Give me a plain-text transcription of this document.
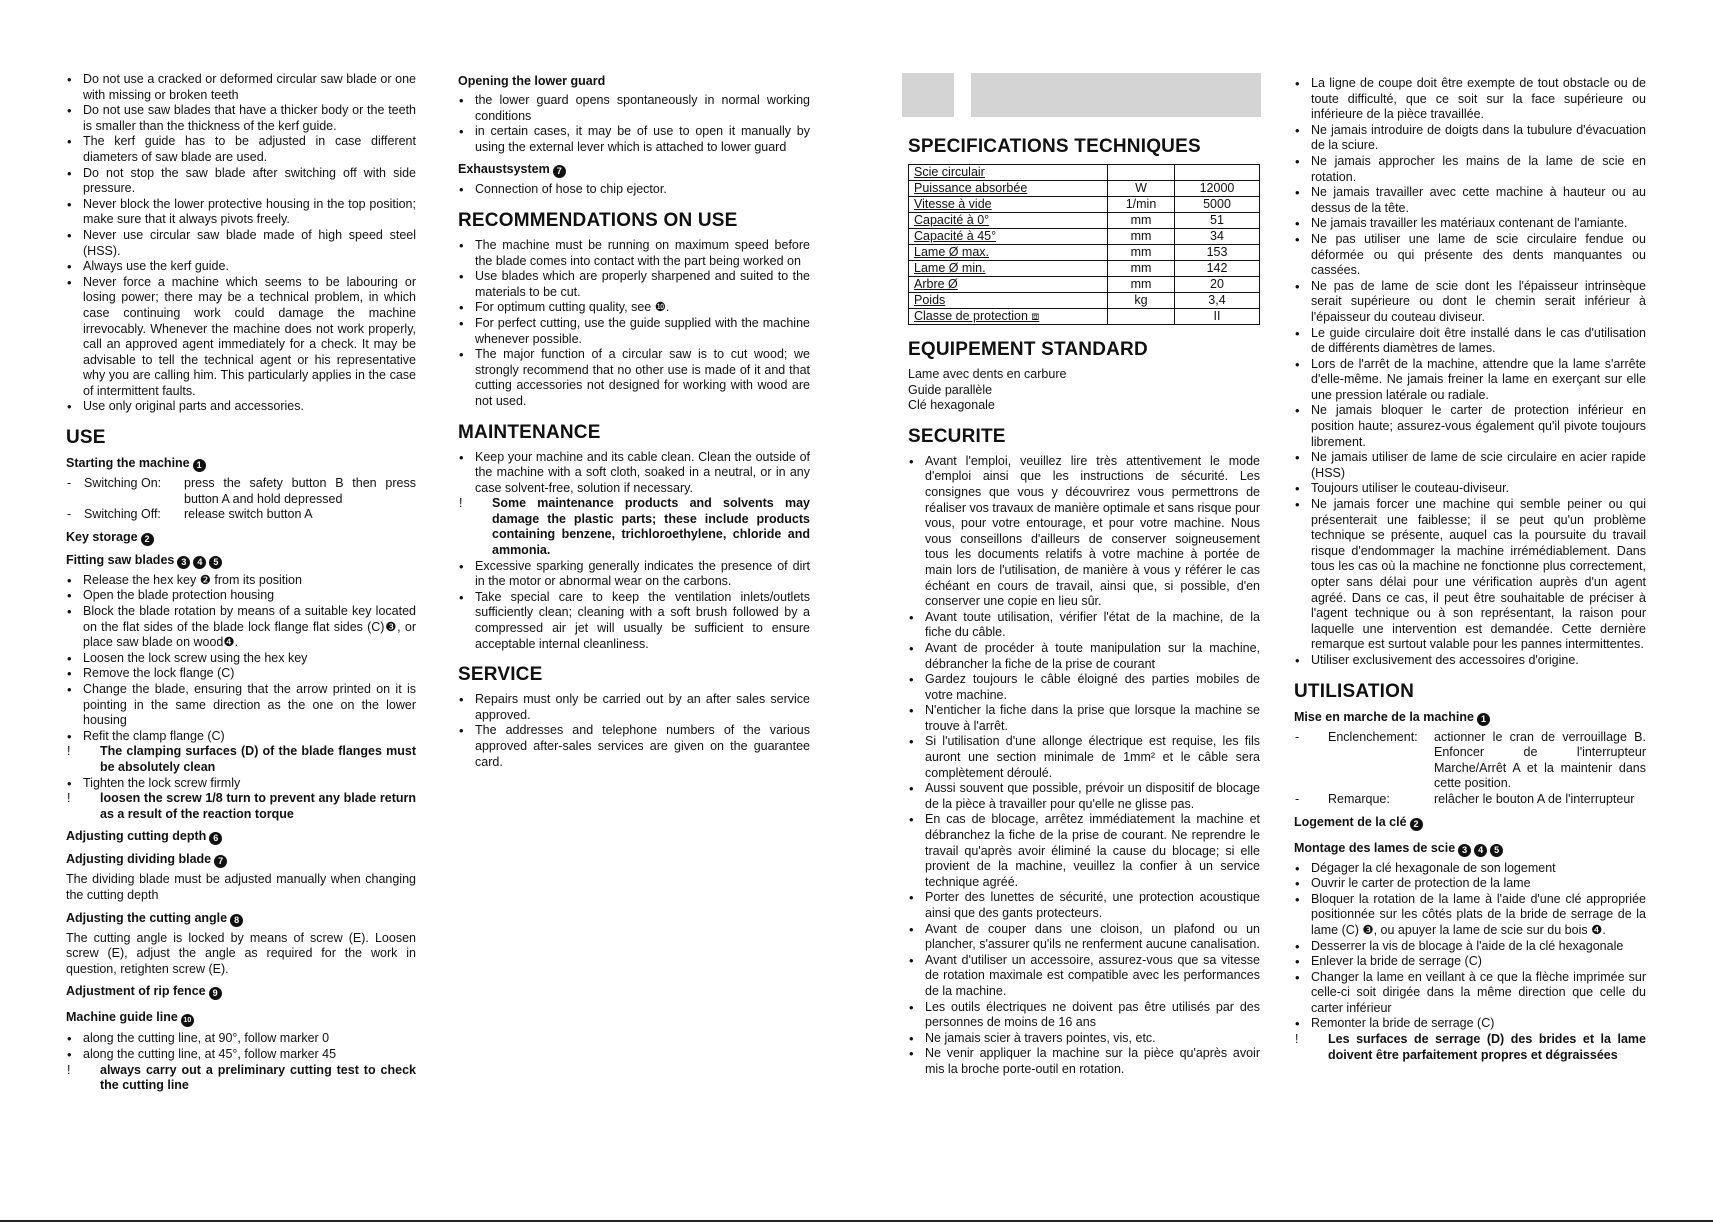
• Do not use a cracked or deformed circular saw blade or one with missing or broken teeth
• Do not use saw blades that have a thicker body or the teeth is smaller than the thickness of the kerf guide.
• The kerf guide has to be adjusted in case different diameters of saw blade are used.
• Do not stop the saw blade after switching off with side pressure.
• Never block the lower protective housing in the top position; make sure that it always pivots freely.
• Never use circular saw blade made of high speed steel (HSS).
• Always use the kerf guide.
• Never force a machine which seems to be labouring or losing power; there may be a technical problem, in which case continuing work could damage the machine irrevocably. Whenever the machine does not work properly, call an approved agent immediately for a check. It may be advisable to tell the technical agent or his representative why you are calling him. This particularly applies in the case of intermittent faults.
• Use only original parts and accessories.
USE
Starting the machine 1
- Switching On:	press the safety button B then press button A and hold depressed
- Switching Off:	release switch button A
Key storage 2
Fitting saw blades 3 4 5
• Release the hex key ❷ from its position
• Open the blade protection housing
• Block the blade rotation by means of a suitable key located on the flat sides of the blade lock flange flat sides (C)❸, or place saw blade on wood❹.
• Loosen the lock screw using the hex key
• Remove the lock flange (C)
• Change the blade, ensuring that the arrow printed on it is pointing in the same direction as the one on the lower housing
• Refit the clamp flange (C)
! The clamping surfaces (D) of the blade flanges must be absolutely clean
• Tighten the lock screw firmly
! loosen the screw 1/8 turn to prevent any blade return as a result of the reaction torque
Adjusting cutting depth 6
Adjusting dividing blade 7

The dividing blade must be adjusted manually when changing the cutting depth

Adjusting the cutting angle 8

The cutting angle is locked by means of screw (E). Loosen screw (E), adjust the angle as required for the work in question, retighten screw (E).

Adjustment of rip fence 9
Machine guide line 10
• along the cutting line, at 90°, follow marker 0
• along the cutting line, at 45°, follow marker 45
! always carry out a preliminary cutting test to check the cutting line
Opening the lower guard
• the lower guard opens spontaneously in normal working conditions
• in certain cases, it may be of use to open it manually by using the external lever which is attached to lower guard
Exhaustsystem 7
• Connection of hose to chip ejector.
RECOMMENDATIONS ON USE
• The machine must be running on maximum speed before the blade comes into contact with the part being worked on
• Use blades which are properly sharpened and suited to the materials to be cut.
• For optimum cutting quality, see ❿.
• For perfect cutting, use the guide supplied with the machine whenever possible.
• The major function of a circular saw is to cut wood; we strongly recommend that no other use is made of it and that cutting accessories not designed for working with wood are not used.
MAINTENANCE
• Keep your machine and its cable clean. Clean the outside of the machine with a soft cloth, soaked in a neutral, or in any case solvent-free, solution if necessary.
! Some maintenance products and solvents may damage the plastic parts; these include products containing benzene, trichloroethylene, chloride and ammonia.
• Excessive sparking generally indicates the presence of dirt in the motor or abnormal wear on the carbons.
• Take special care to keep the ventilation inlets/outlets sufficiently clean; cleaning with a soft brush followed by a compressed air jet will usually be sufficient to ensure acceptable internal cleanliness.
SERVICE
• Repairs must only be carried out by an after sales service approved.
• The addresses and telephone numbers of the various approved after-sales services are given on the guarantee card.
SPECIFICATIONS TECHNIQUES
Scie circulair		
Puissance absorbée	W	12000
Vitesse à vide	1/min	5000
Capacité à 0°	mm	51
Capacité à 45°	mm	34
Lame Ø max.	mm	153
Lame Ø min.	mm	142
Arbre Ø	mm	20
Poids	kg	3,4
Classe de protection ⧈		II
EQUIPEMENT STANDARD

Lame avec dents en carbure

Guide parallèle

Clé hexagonale

SECURITE
• Avant l'emploi, veuillez lire très attentivement le mode d'emploi ainsi que les instructions de sécurité. Les consignes que vous y découvrirez vous permettrons de réaliser vos travaux de manière optimale et sans risque pour vous, pour votre entourage, et pour votre machine. Nous vous conseillons d'ailleurs de conserver soigneusement tous les documents relatifs à votre machine à portée de main lors de l'utilisation, de manière à vous y référer le cas échéant en cours de travail, ainsi que, si possible, d'en conserver une copie en lieu sûr.
• Avant toute utilisation, vérifier l'état de la machine, de la fiche du câble.
• Avant de procéder à toute manipulation sur la machine, débrancher la fiche de la prise de courant
• Gardez toujours le câble éloigné des parties mobiles de votre machine.
• N'enticher la fiche dans la prise que lorsque la machine se trouve à l'arrêt.
• Si l'utilisation d'une allonge électrique est requise, les fils auront une section minimale de 1mm² et le câble sera complètement déroulé.
• Aussi souvent que possible, prévoir un dispositif de blocage de la pièce à travailler pour qu'elle ne glisse pas.
• En cas de blocage, arrêtez immédiatement la machine et débranchez la fiche de la prise de courant. Ne reprendre le travail qu'après avoir éliminé la cause du blocage; si elle provient de la machine, veuillez la confier à un service technique agréé.
• Porter des lunettes de sécurité, une protection acoustique ainsi que des gants protecteurs.
• Avant de couper dans une cloison, un plafond ou un plancher, s'assurer qu'ils ne renferment aucune canalisation.
• Avant d'utiliser un accessoire, assurez-vous que sa vitesse de rotation maximale est compatible avec les performances de la machine.
• Les outils électriques ne doivent pas être utilisés par des personnes de moins de 16 ans
• Ne jamais scier à travers pointes, vis, etc.
• Ne venir appliquer la machine sur la pièce qu'après avoir mis la broche porte-outil en rotation.
• La ligne de coupe doit être exempte de tout obstacle ou de toute difficulté, que ce soit sur la face supérieure ou inférieure de la pièce travaillée.
• Ne jamais introduire de doigts dans la tubulure d'évacuation de la sciure.
• Ne jamais approcher les mains de la lame de scie en rotation.
• Ne jamais travailler avec cette machine à hauteur ou au dessus de la tête.
• Ne jamais travailler les matériaux contenant de l'amiante.
• Ne pas utiliser une lame de scie circulaire fendue ou déformée ou qui présente des dents manquantes ou cassées.
• Ne pas de lame de scie dont les l'épaisseur intrinsèque serait supérieure ou dont le chemin serait inférieur à l'épaisseur du couteau diviseur.
• Le guide circulaire doit être installé dans le cas d'utilisation de différents diamètres de lames.
• Lors de l'arrêt de la machine, attendre que la lame s'arrête d'elle-même. Ne jamais freiner la lame en exerçant sur elle une pression latérale ou radiale.
• Ne jamais bloquer le carter de protection inférieur en position haute; assurez-vous également qu'il pivote toujours librement.
• Ne jamais utiliser de lame de scie circulaire en acier rapide (HSS)
• Toujours utiliser le couteau-diviseur.
• Ne jamais forcer une machine qui semble peiner ou qui présenterait une faiblesse; il se peut qu'un problème technique se présente, auquel cas la poursuite du travail risque d'endommager la machine irrémédiablement. Dans tous les cas où la machine ne fonctionne plus correctement, opter sans délai pour une vérification auprès d'un agent agréé. Dans ce cas, il peut être souhaitable de préciser à l'agent technique ou à son représentant, la raison pour laquelle une intervention est demandée. Cette dernière remarque est surtout valable pour les pannes intermittentes.
• Utiliser exclusivement des accessoires d'origine.
UTILISATION
Mise en marche de la machine 1
- Enclenchement:	actionner le cran de verrouillage B. Enfoncer de l'interrupteur Marche/Arrêt A et la maintenir dans cette position.
- Remarque:	relâcher le bouton A de l'interrupteur
Logement de la clé 2
Montage des lames de scie 3 4 5
• Dégager la clé hexagonale de son logement
• Ouvrir le carter de protection de la lame
• Bloquer la rotation de la lame à l'aide d'une clé appropriée positionnée sur les côtés plats de la bride de serrage de la lame (C) ❸, ou apuyer la lame de scie sur du bois ❹.
• Desserrer la vis de blocage à l'aide de la clé hexagonale
• Enlever la bride de serrage (C)
• Changer la lame en veillant à ce que la flèche imprimée sur celle-ci soit dirigée dans la même direction que celle du carter inférieur
• Remonter la bride de serrage (C)
! Les surfaces de serrage (D) des brides et la lame doivent être parfaitement propres et dégraissées
